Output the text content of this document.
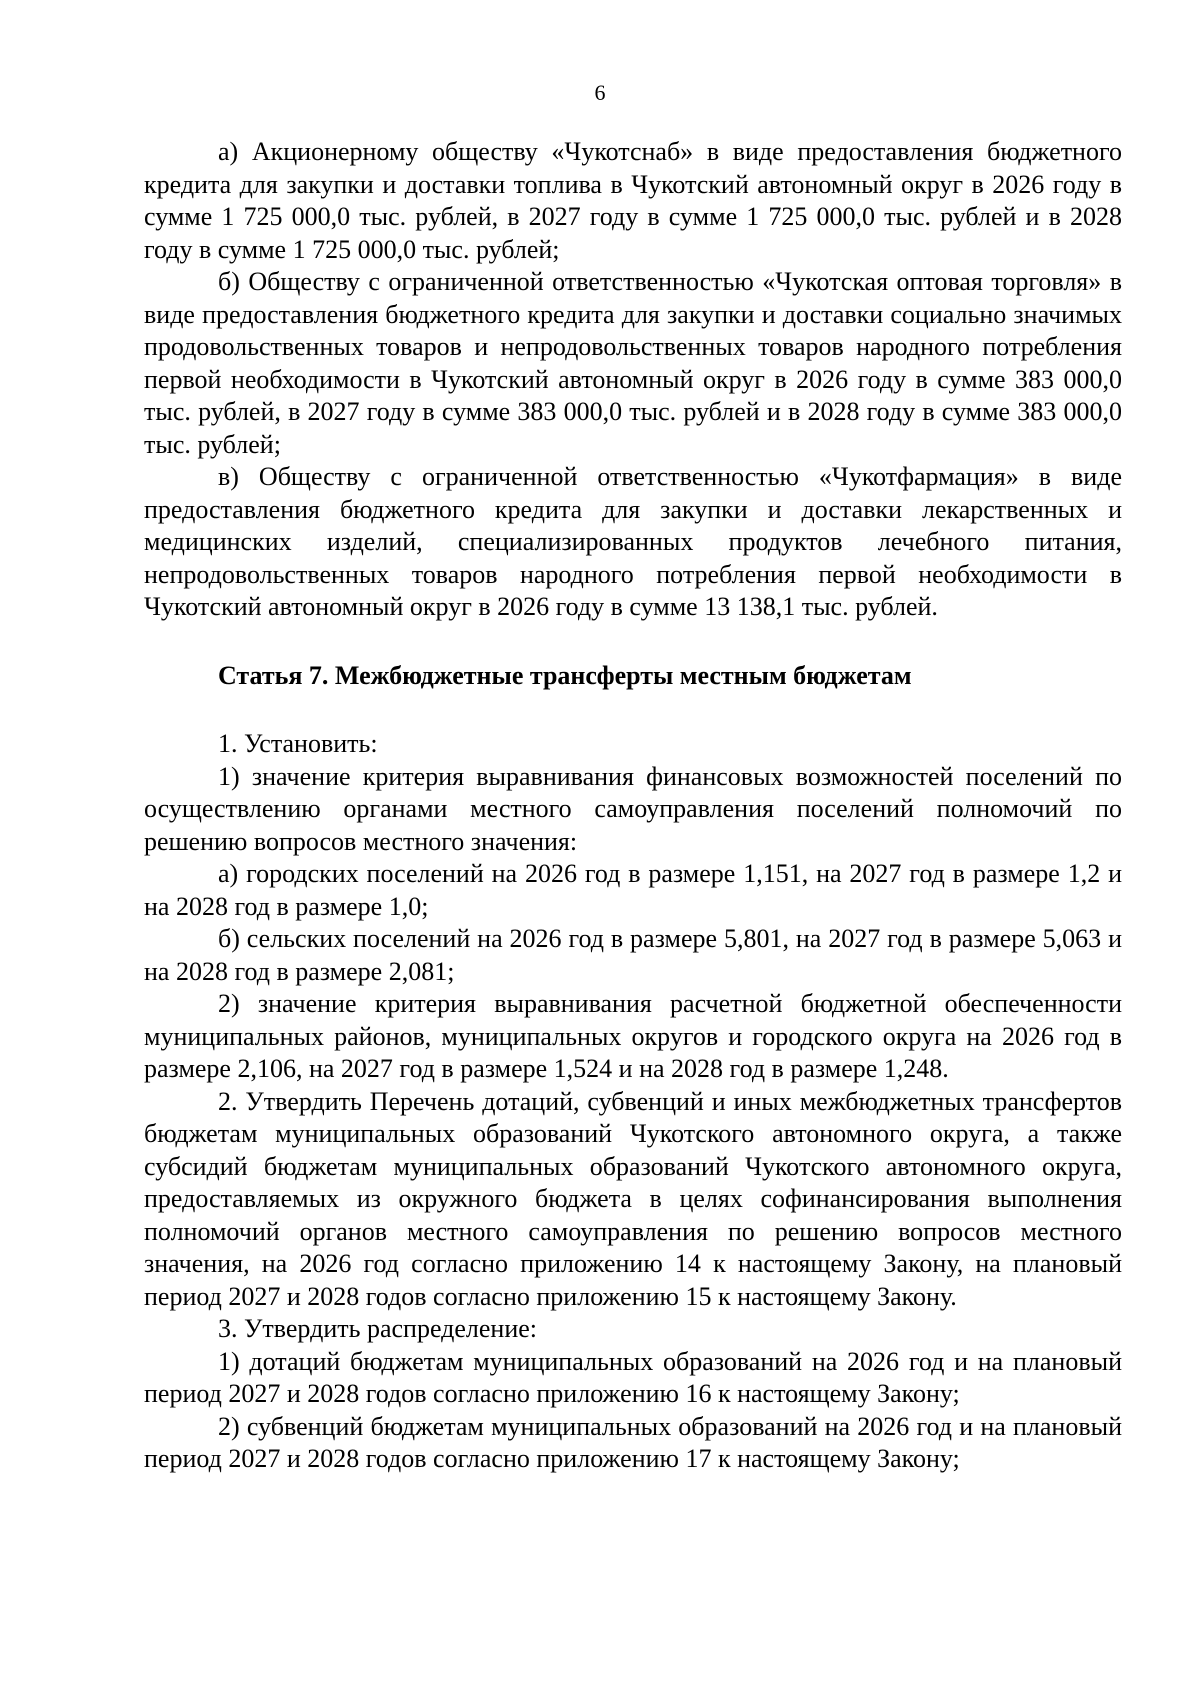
6

а) Акционерному обществу «Чукотснаб» в виде предоставления бюджетного кредита для закупки и доставки топлива в Чукотский автономный округ в 2026 году в сумме 1 725 000,0 тыс. рублей, в 2027 году в сумме 1 725 000,0 тыс. рублей и в 2028 году в сумме 1 725 000,0 тыс. рублей;

б) Обществу с ограниченной ответственностью «Чукотская оптовая торговля» в виде предоставления бюджетного кредита для закупки и доставки социально значимых продовольственных товаров и непродовольственных товаров народного потребления первой необходимости в Чукотский автономный округ в 2026 году в сумме 383 000,0 тыс. рублей, в 2027 году в сумме 383 000,0 тыс. рублей и в 2028 году в сумме 383 000,0 тыс. рублей;

в) Обществу с ограниченной ответственностью «Чукотфармация» в виде предоставления бюджетного кредита для закупки и доставки лекарственных и медицинских изделий, специализированных продуктов лечебного питания, непродовольственных товаров народного потребления первой необходимости в Чукотский автономный округ в 2026 году в сумме 13 138,1 тыс. рублей.

Статья 7. Межбюджетные трансферты местным бюджетам

1. Установить:

1) значение критерия выравнивания финансовых возможностей поселений по осуществлению органами местного самоуправления поселений полномочий по решению вопросов местного значения:

а) городских поселений на 2026 год в размере 1,151, на 2027 год в размере 1,2 и на 2028 год в размере 1,0;

б) сельских поселений на 2026 год в размере 5,801, на 2027 год в размере 5,063 и на 2028 год в размере 2,081;

2) значение критерия выравнивания расчетной бюджетной обеспеченности муниципальных районов, муниципальных округов и городского округа на 2026 год в размере 2,106, на 2027 год в размере 1,524 и на 2028 год в размере 1,248.

2. Утвердить Перечень дотаций, субвенций и иных межбюджетных трансфертов бюджетам муниципальных образований Чукотского автономного округа, а также субсидий бюджетам муниципальных образований Чукотского автономного округа, предоставляемых из окружного бюджета в целях софинансирования выполнения полномочий органов местного самоуправления по решению вопросов местного значения, на 2026 год согласно приложению 14 к настоящему Закону, на плановый период 2027 и 2028 годов согласно приложению 15 к настоящему Закону.

3. Утвердить распределение:

1) дотаций бюджетам муниципальных образований на 2026 год и на плановый период 2027 и 2028 годов согласно приложению 16 к настоящему Закону;

2) субвенций бюджетам муниципальных образований на 2026 год и на плановый период 2027 и 2028 годов согласно приложению 17 к настоящему Закону;
